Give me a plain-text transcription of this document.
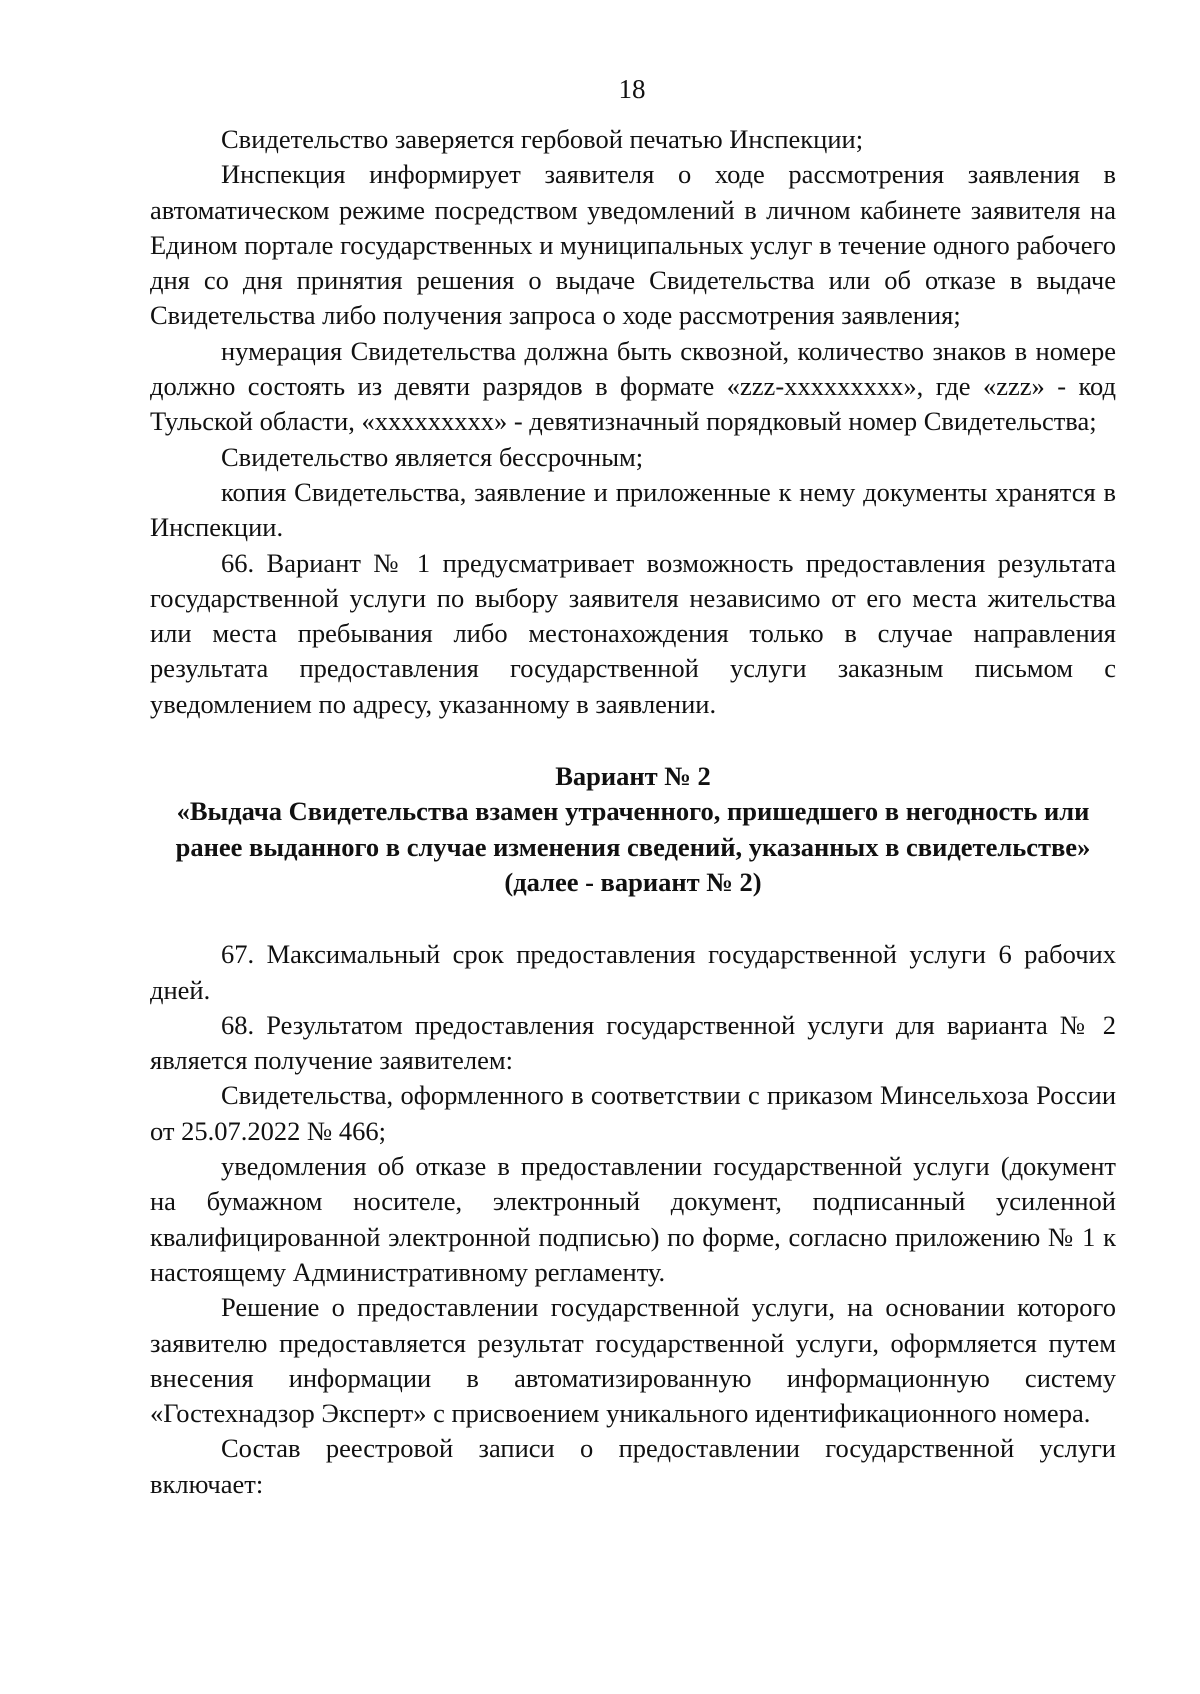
18

Свидетельство заверяется гербовой печатью Инспекции;

Инспекция информирует заявителя о ходе рассмотрения заявления в автоматическом режиме посредством уведомлений в личном кабинете заявителя на Едином портале государственных и муниципальных услуг в течение одного рабочего дня со дня принятия решения о выдаче Свидетельства или об отказе в выдаче Свидетельства либо получения запроса о ходе рассмотрения заявления;

нумерация Свидетельства должна быть сквозной, количество знаков в номере должно состоять из девяти разрядов в формате «zzz-xxxxxxxxx», где «zzz» - код Тульской области, «xxxxxxxxx» - девятизначный порядковый номер Свидетельства;

Свидетельство является бессрочным;

копия Свидетельства, заявление и приложенные к нему документы хранятся в Инспекции.

66. Вариант № 1 предусматривает возможность предоставления результата государственной услуги по выбору заявителя независимо от его места жительства или места пребывания либо местонахождения только в случае направления результата предоставления государственной услуги заказным письмом с уведомлением по адресу, указанному в заявлении.

Вариант № 2

«Выдача Свидетельства взамен утраченного, пришедшего в негодность или ранее выданного в случае изменения сведений, указанных в свидетельстве» (далее - вариант № 2)

67. Максимальный срок предоставления государственной услуги 6 рабочих дней.

68. Результатом предоставления государственной услуги для варианта № 2 является получение заявителем:

Свидетельства, оформленного в соответствии с приказом Минсельхоза России от 25.07.2022 № 466;

уведомления об отказе в предоставлении государственной услуги (документ на бумажном носителе, электронный документ, подписанный усиленной квалифицированной электронной подписью) по форме, согласно приложению № 1 к настоящему Административному регламенту.

Решение о предоставлении государственной услуги, на основании которого заявителю предоставляется результат государственной услуги, оформляется путем внесения информации в автоматизированную информационную систему «Гостехнадзор Эксперт» с присвоением уникального идентификационного номера.

Состав реестровой записи о предоставлении государственной услуги включает:
